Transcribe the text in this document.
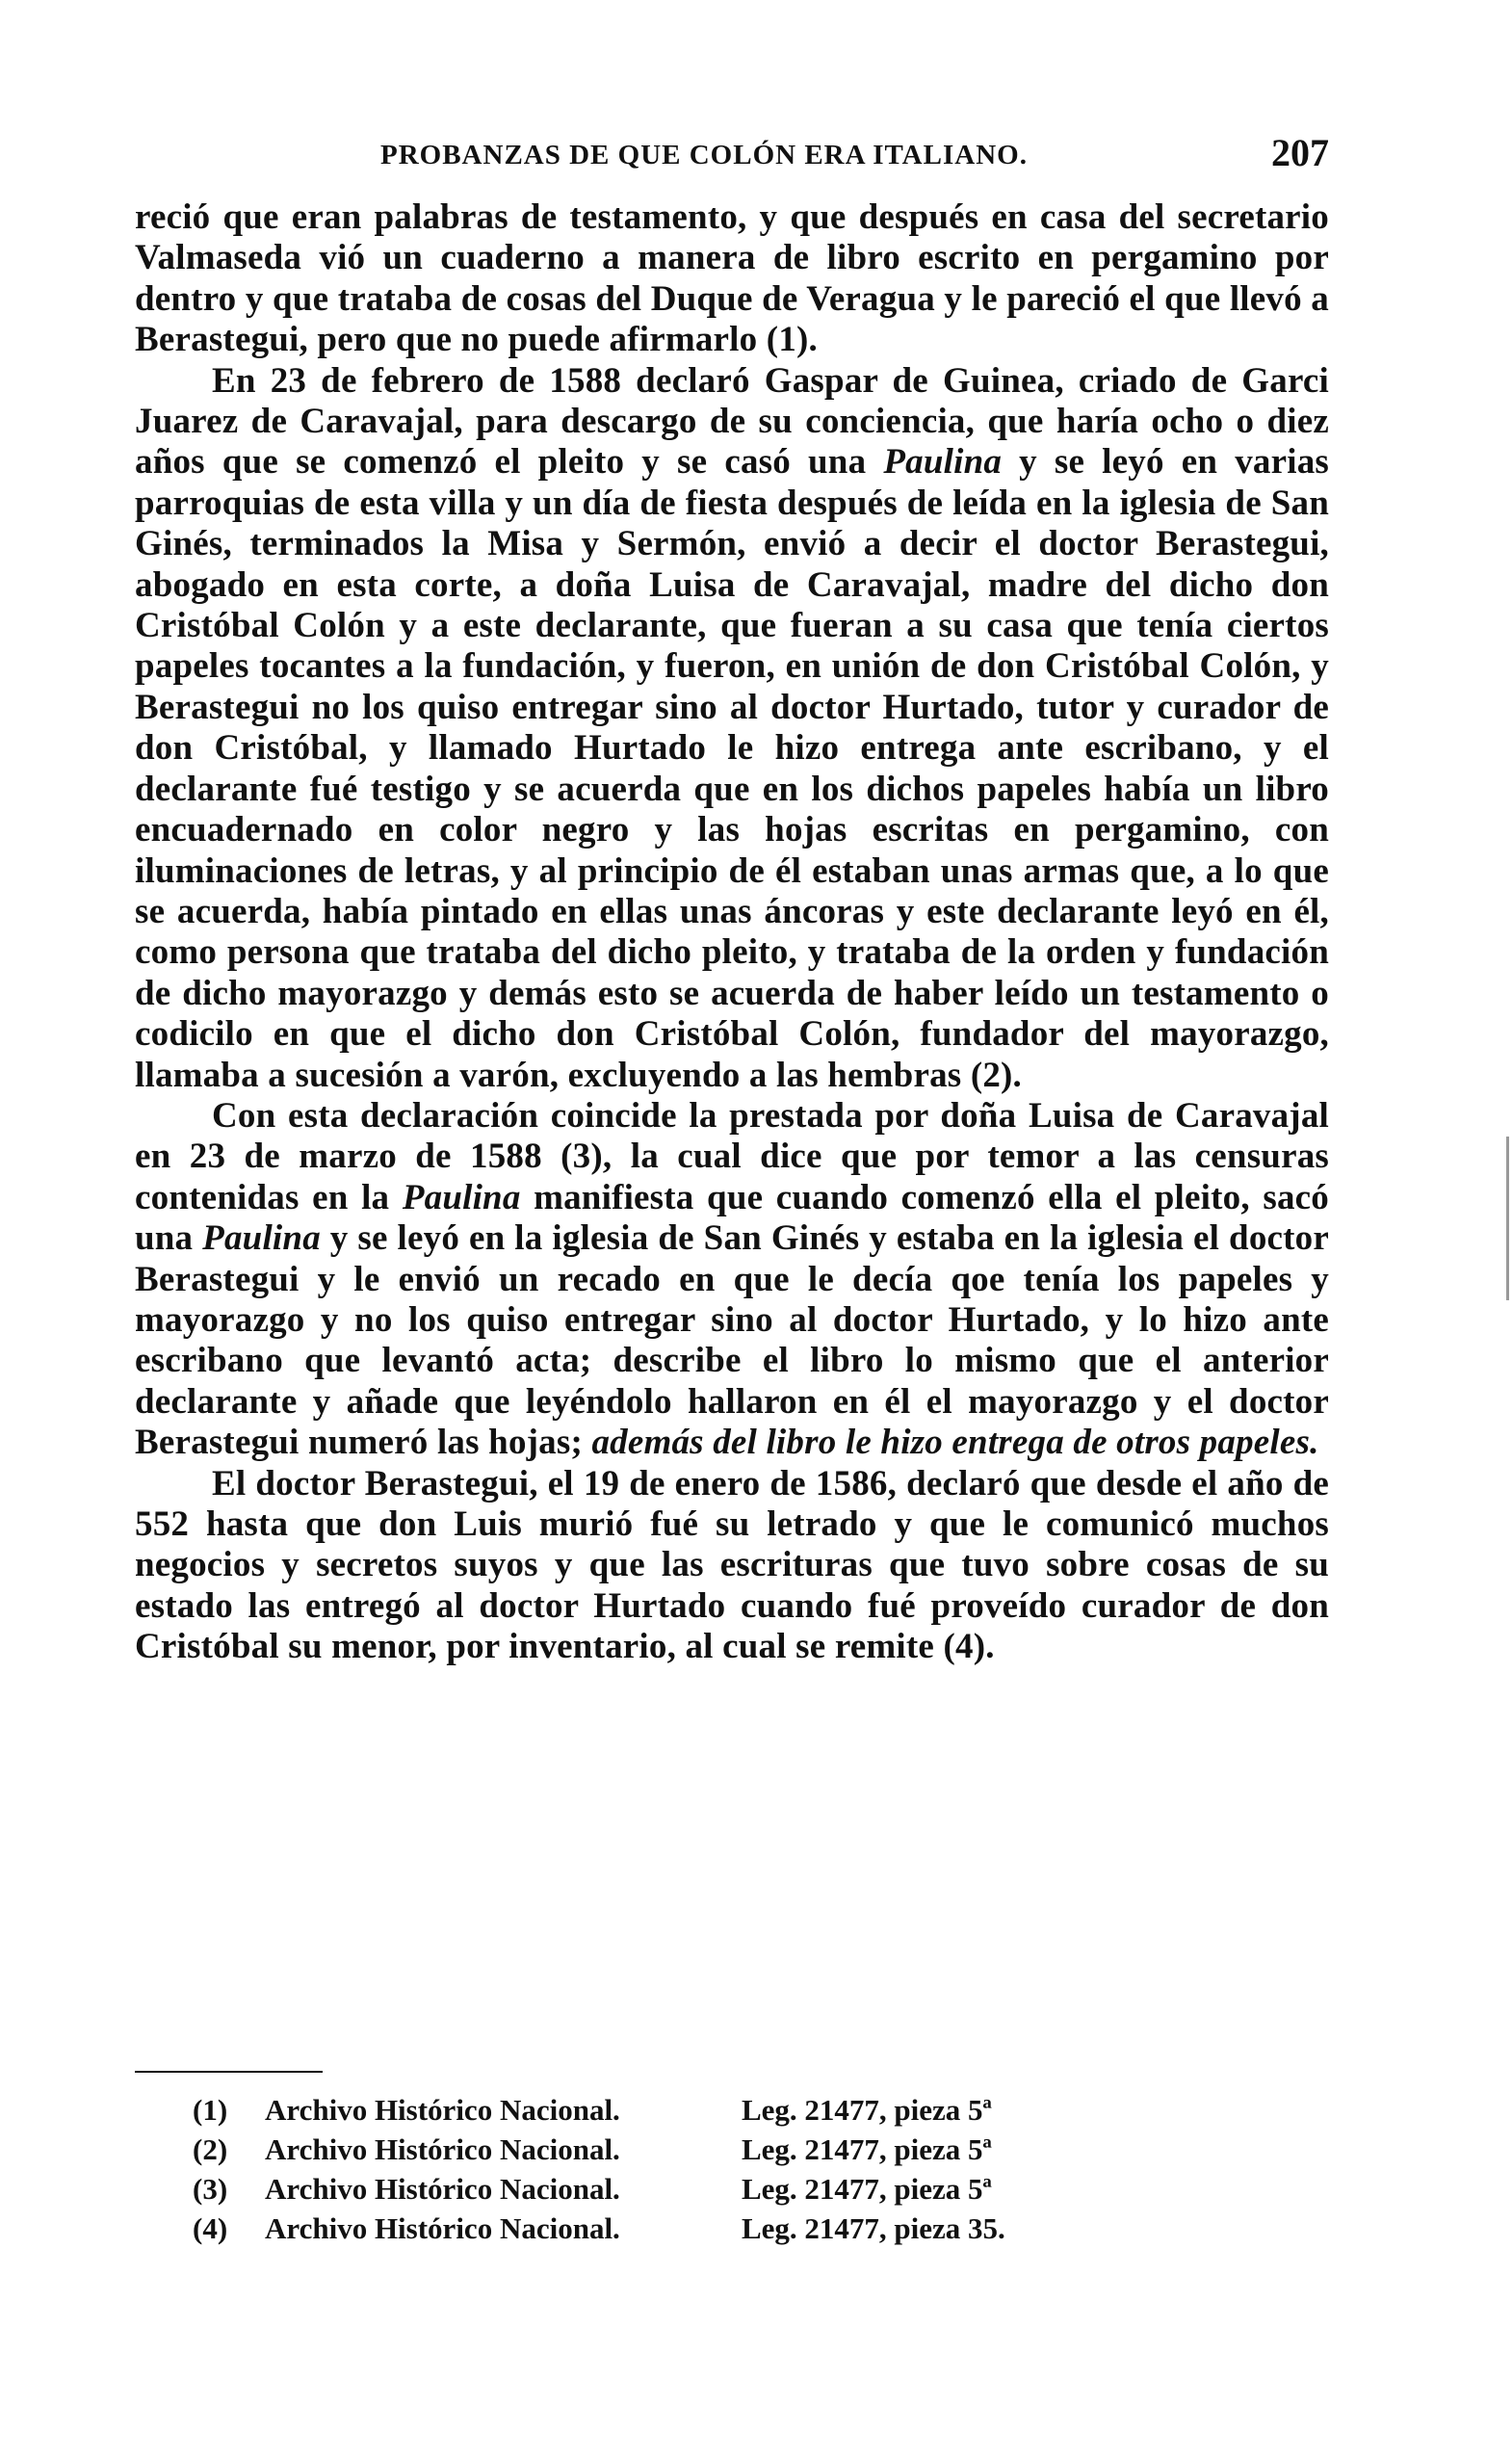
PROBANZAS DE QUE COLÓN ERA ITALIANO.	207

reció que eran palabras de testamento, y que después en casa del secretario Valmaseda vió un cuaderno a manera de libro escrito en pergamino por dentro y que trataba de cosas del Duque de Veragua y le pareció el que llevó a Berastegui, pero que no puede afirmarlo (1).

En 23 de febrero de 1588 declaró Gaspar de Guinea, criado de Garci Juarez de Caravajal, para descargo de su conciencia, que haría ocho o diez años que se comenzó el pleito y se casó una Paulina y se leyó en varias parroquias de esta villa y un día de fiesta después de leída en la iglesia de San Ginés, terminados la Misa y Sermón, envió a decir el doctor Berastegui, abogado en esta corte, a doña Luisa de Caravajal, madre del dicho don Cristóbal Colón y a este declarante, que fueran a su casa que tenía ciertos papeles tocantes a la fundación, y fueron, en unión de don Cristóbal Colón, y Berastegui no los quiso entregar sino al doctor Hurtado, tutor y curador de don Cristóbal, y llamado Hurtado le hizo entrega ante escribano, y el declarante fué testigo y se acuerda que en los dichos papeles había un libro encuadernado en color negro y las hojas escritas en pergamino, con iluminaciones de letras, y al principio de él estaban unas armas que, a lo que se acuerda, había pintado en ellas unas áncoras y este declarante leyó en él, como persona que trataba del dicho pleito, y trataba de la orden y fundación de dicho mayorazgo y demás esto se acuerda de haber leído un testamento o codicilo en que el dicho don Cristóbal Colón, fundador del mayorazgo, llamaba a sucesión a varón, excluyendo a las hembras (2).

Con esta declaración coincide la prestada por doña Luisa de Caravajal en 23 de marzo de 1588 (3), la cual dice que por temor a las censuras contenidas en la Paulina manifiesta que cuando comenzó ella el pleito, sacó una Paulina y se leyó en la iglesia de San Ginés y estaba en la iglesia el doctor Berastegui y le envió un recado en que le decía qoe tenía los papeles y mayorazgo y no los quiso entregar sino al doctor Hurtado, y lo hizo ante escribano que levantó acta; describe el libro lo mismo que el anterior declarante y añade que leyéndolo hallaron en él el mayorazgo y el doctor Berastegui numeró las hojas; además del libro le hizo entrega de otros papeles.

El doctor Berastegui, el 19 de enero de 1586, declaró que desde el año de 552 hasta que don Luis murió fué su letrado y que le comunicó muchos negocios y secretos suyos y que las escrituras que tuvo sobre cosas de su estado las entregó al doctor Hurtado cuando fué proveído curador de don Cristóbal su menor, por inventario, al cual se remite (4).

(1)	Archivo Histórico Nacional.	Leg. 21477, pieza 5ª
(2)	Archivo Histórico Nacional.	Leg. 21477, pieza 5ª
(3)	Archivo Histórico Nacional.	Leg. 21477, pieza 5ª
(4)	Archivo Histórico Nacional.	Leg. 21477, pieza 35.
